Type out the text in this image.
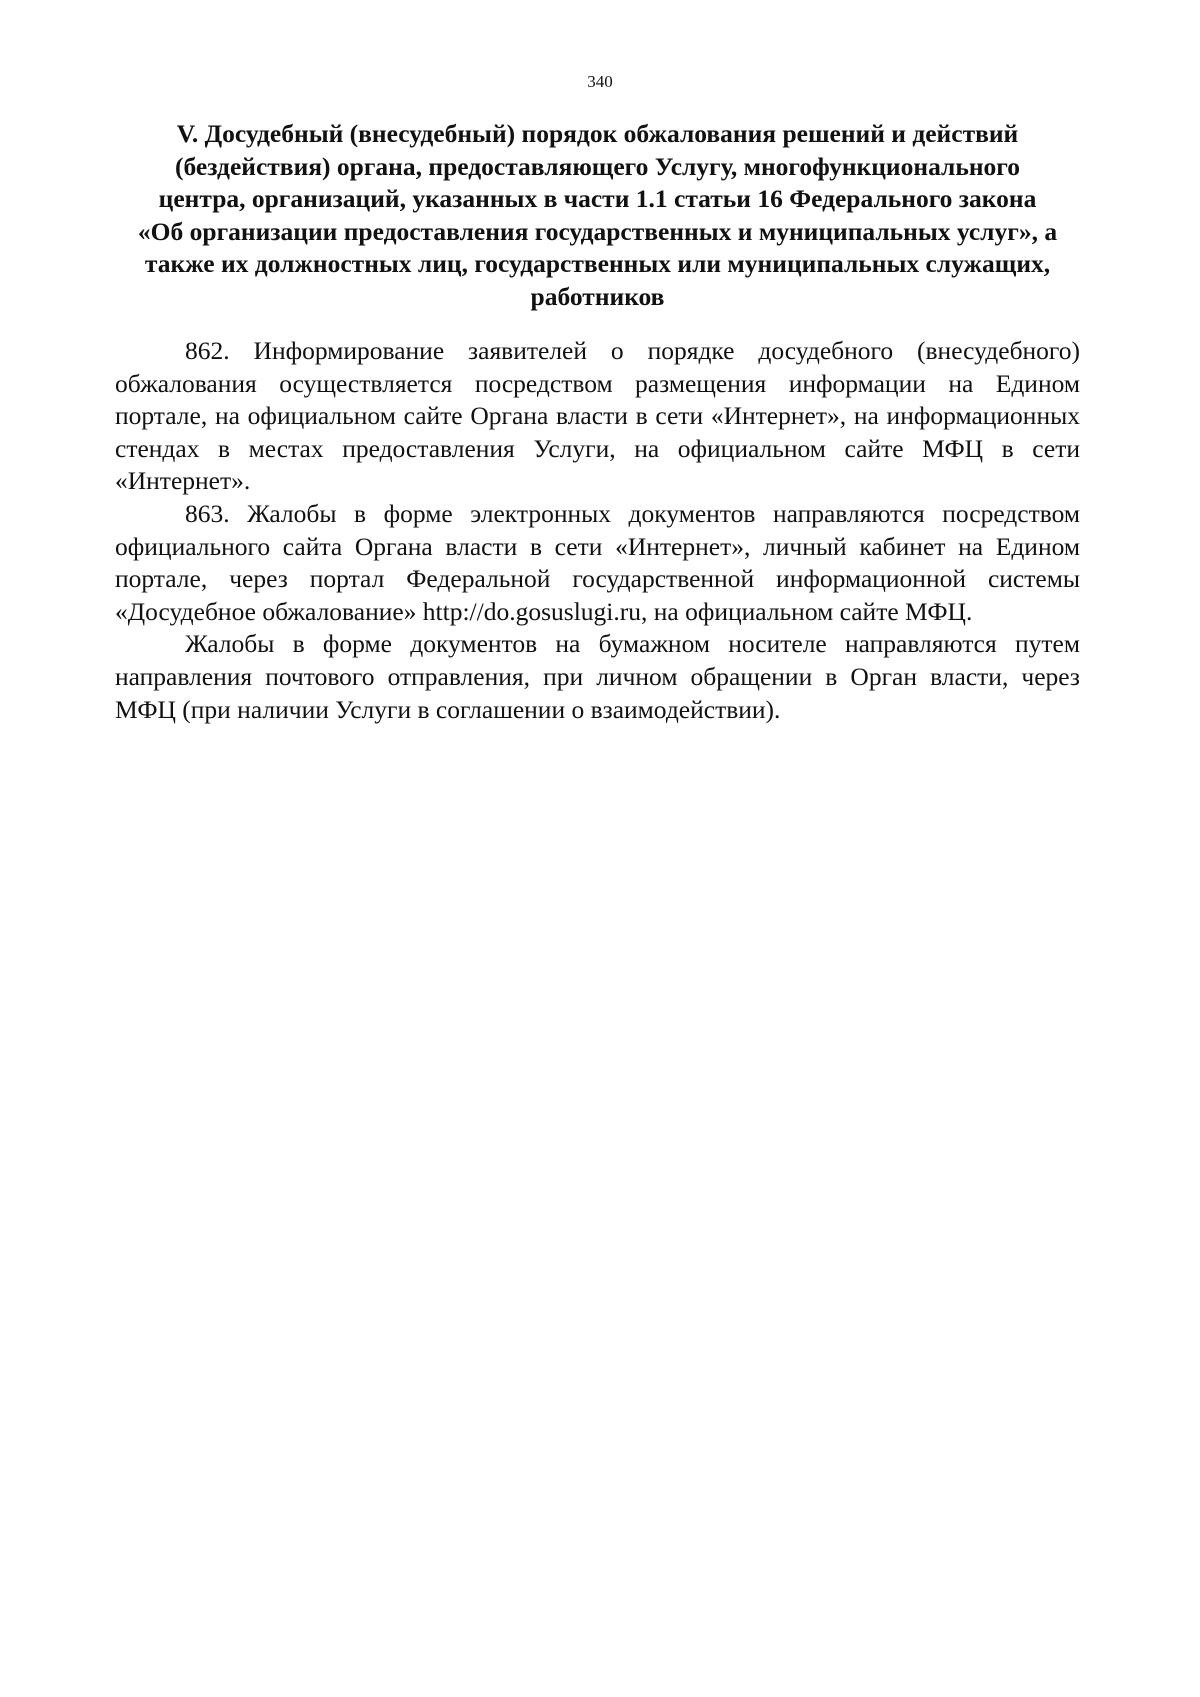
340
V. Досудебный (внесудебный) порядок обжалования решений и действий
(бездействия) органа, предоставляющего Услугу, многофункционального
центра, организаций, указанных в части 1.1 статьи 16 Федерального закона
«Об организации предоставления государственных и муниципальных услуг», а
также их должностных лиц, государственных или муниципальных служащих,
работников

862. Информирование заявителей о порядке досудебного (внесудебного) обжалования осуществляется посредством размещения информации на Едином портале, на официальном сайте Органа власти в сети «Интернет», на информационных стендах в местах предоставления Услуги, на официальном сайте МФЦ в сети «Интернет».

863. Жалобы в форме электронных документов направляются посредством официального сайта Органа власти в сети «Интернет», личный кабинет на Едином портале, через портал Федеральной государственной информационной системы «Досудебное обжалование» http://do.gosuslugi.ru, на официальном сайте МФЦ.

Жалобы в форме документов на бумажном носителе направляются путем направления почтового отправления, при личном обращении в Орган власти, через МФЦ (при наличии Услуги в соглашении о взаимодействии).
